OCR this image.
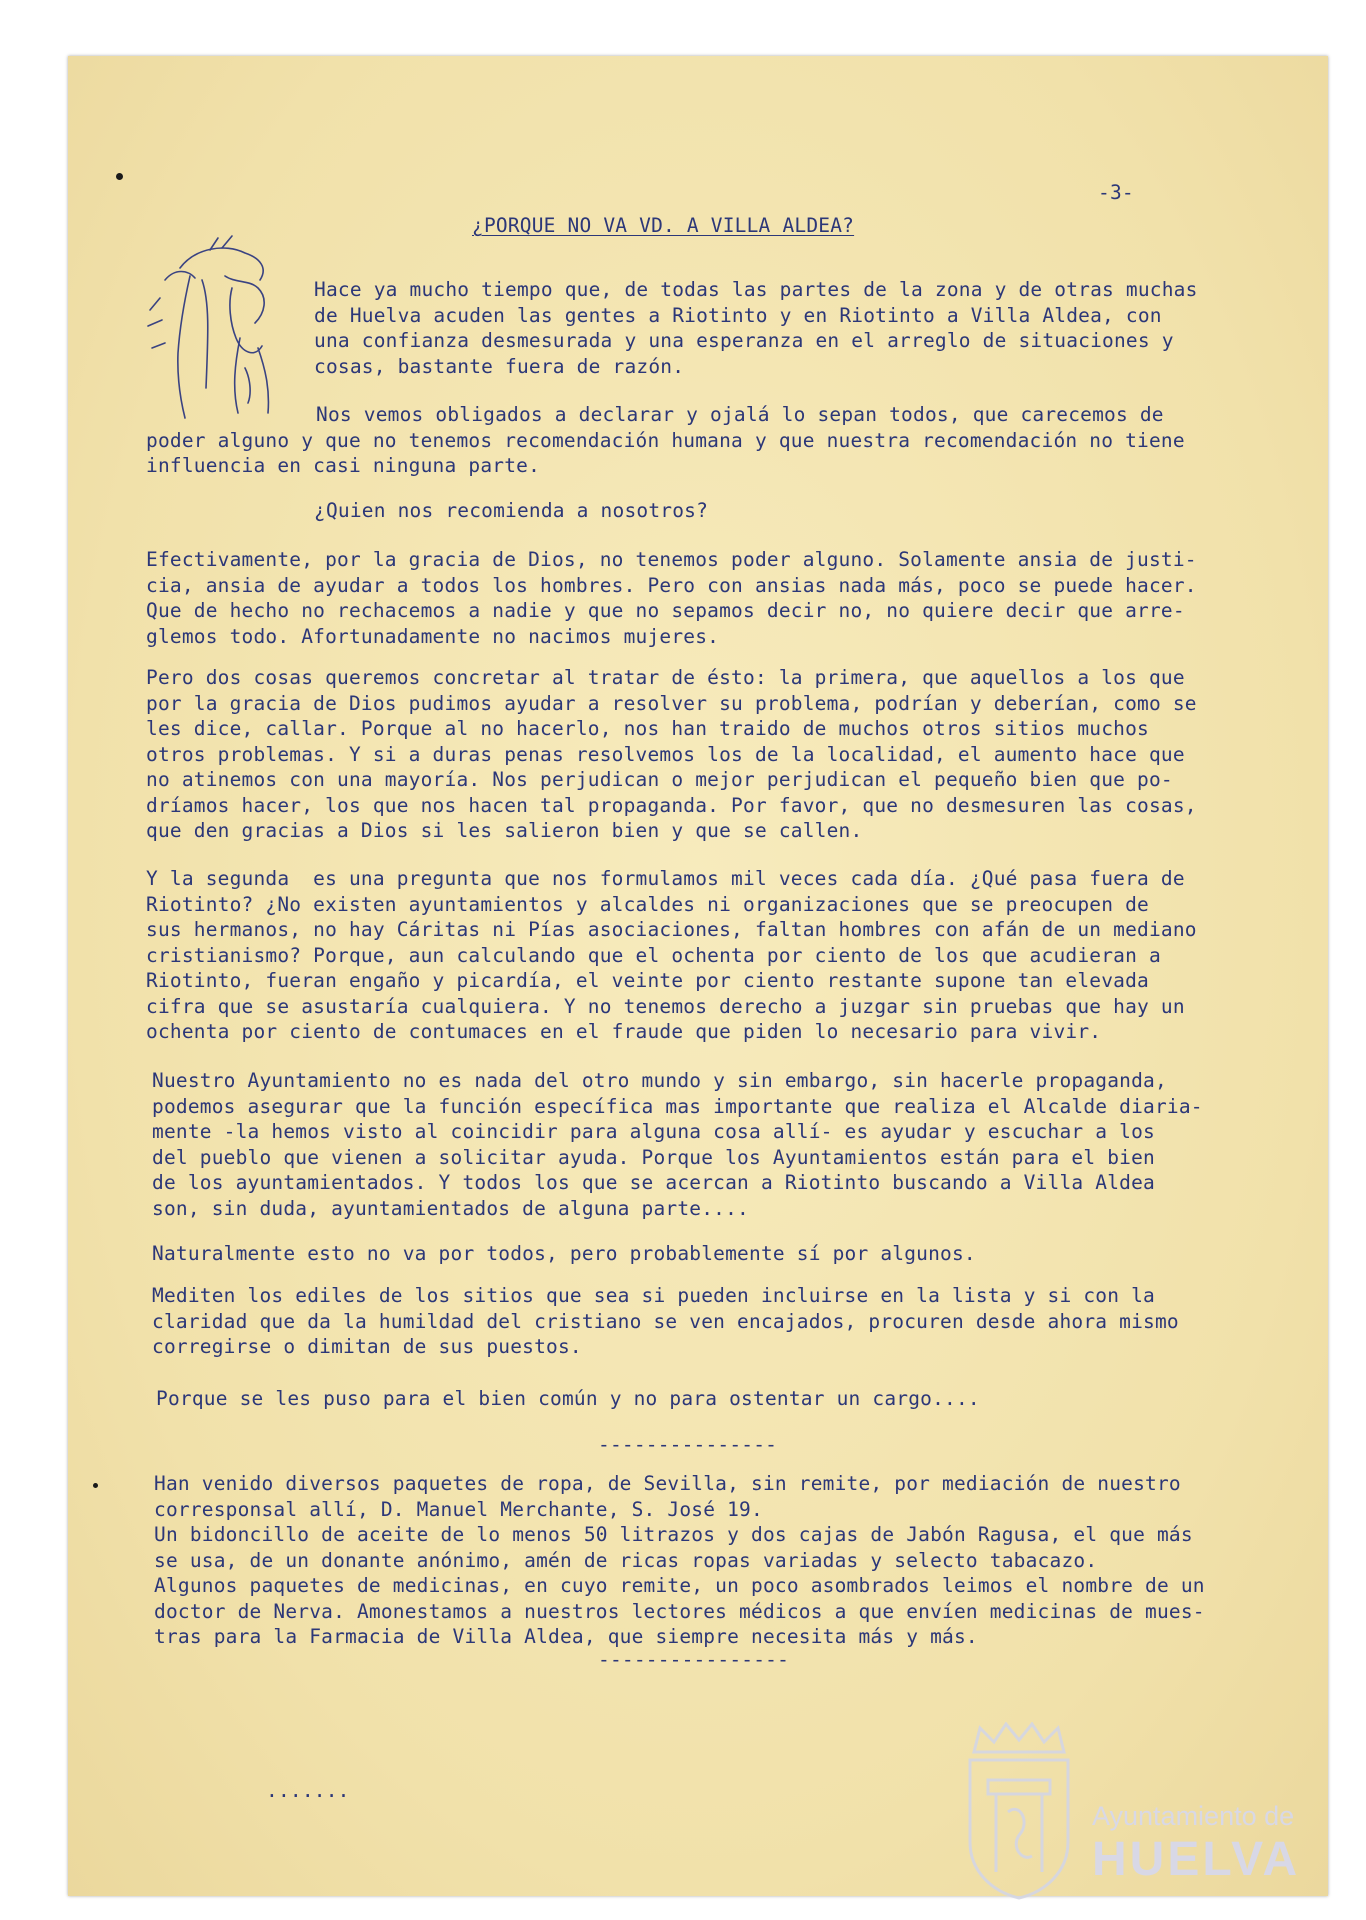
-3-
¿PORQUE NO VA VD. A VILLA ALDEA?
Hace ya mucho tiempo que, de todas las partes de la zona y de otras muchas
de Huelva acuden las gentes a Riotinto y en Riotinto a Villa Aldea, con
una confianza desmesurada y una esperanza en el arreglo de situaciones y
cosas, bastante fuera de razón.
Nos vemos obligados a declarar y ojalá lo sepan todos, que carecemos de
poder alguno y que no tenemos recomendación humana y que nuestra recomendación no tiene
influencia en casi ninguna parte.
¿Quien nos recomienda a nosotros?
Efectivamente, por la gracia de Dios, no tenemos poder alguno. Solamente ansia de justi-
cia, ansia de ayudar a todos los hombres. Pero con ansias nada más, poco se puede hacer.
Que de hecho no rechacemos a nadie y que no sepamos decir no, no quiere decir que arre-
glemos todo. Afortunadamente no nacimos mujeres.
Pero dos cosas queremos concretar al tratar de ésto: la primera, que aquellos a los que
por la gracia de Dios pudimos ayudar a resolver su problema, podrían y deberían, como se
les dice, callar. Porque al no hacerlo, nos han traido de muchos otros sitios muchos
otros problemas. Y si a duras penas resolvemos los de la localidad, el aumento hace que
no atinemos con una mayoría. Nos perjudican o mejor perjudican el pequeño bien que po-
dríamos hacer, los que nos hacen tal propaganda. Por favor, que no desmesuren las cosas,
que den gracias a Dios si les salieron bien y que se callen.
Y la segunda  es una pregunta que nos formulamos mil veces cada día. ¿Qué pasa fuera de
Riotinto? ¿No existen ayuntamientos y alcaldes ni organizaciones que se preocupen de
sus hermanos, no hay Cáritas ni Pías asociaciones, faltan hombres con afán de un mediano
cristianismo? Porque, aun calculando que el ochenta por ciento de los que acudieran a
Riotinto, fueran engaño y picardía, el veinte por ciento restante supone tan elevada
cifra que se asustaría cualquiera. Y no tenemos derecho a juzgar sin pruebas que hay un
ochenta por ciento de contumaces en el fraude que piden lo necesario para vivir.
Nuestro Ayuntamiento no es nada del otro mundo y sin embargo, sin hacerle propaganda,
podemos asegurar que la función específica mas importante que realiza el Alcalde diaria-
mente -la hemos visto al coincidir para alguna cosa allí- es ayudar y escuchar a los
del pueblo que vienen a solicitar ayuda. Porque los Ayuntamientos están para el bien
de los ayuntamientados. Y todos los que se acercan a Riotinto buscando a Villa Aldea
son, sin duda, ayuntamientados de alguna parte....
Naturalmente esto no va por todos, pero probablemente sí por algunos.
Mediten los ediles de los sitios que sea si pueden incluirse en la lista y si con la
claridad que da la humildad del cristiano se ven encajados, procuren desde ahora mismo
corregirse o dimitan de sus puestos.
Porque se les puso para el bien común y no para ostentar un cargo....
---------------
Han venido diversos paquetes de ropa, de Sevilla, sin remite, por mediación de nuestro
corresponsal allí, D. Manuel Merchante, S. José 19.
Un bidoncillo de aceite de lo menos 50 litrazos y dos cajas de Jabón Ragusa, el que más
se usa, de un donante anónimo, amén de ricas ropas variadas y selecto tabacazo.
Algunos paquetes de medicinas, en cuyo remite, un poco asombrados leimos el nombre de un
doctor de Nerva. Amonestamos a nuestros lectores médicos a que envíen medicinas de mues-
tras para la Farmacia de Villa Aldea, que siempre necesita más y más.
----------------
.......
Ayuntamiento de
HUELVA
